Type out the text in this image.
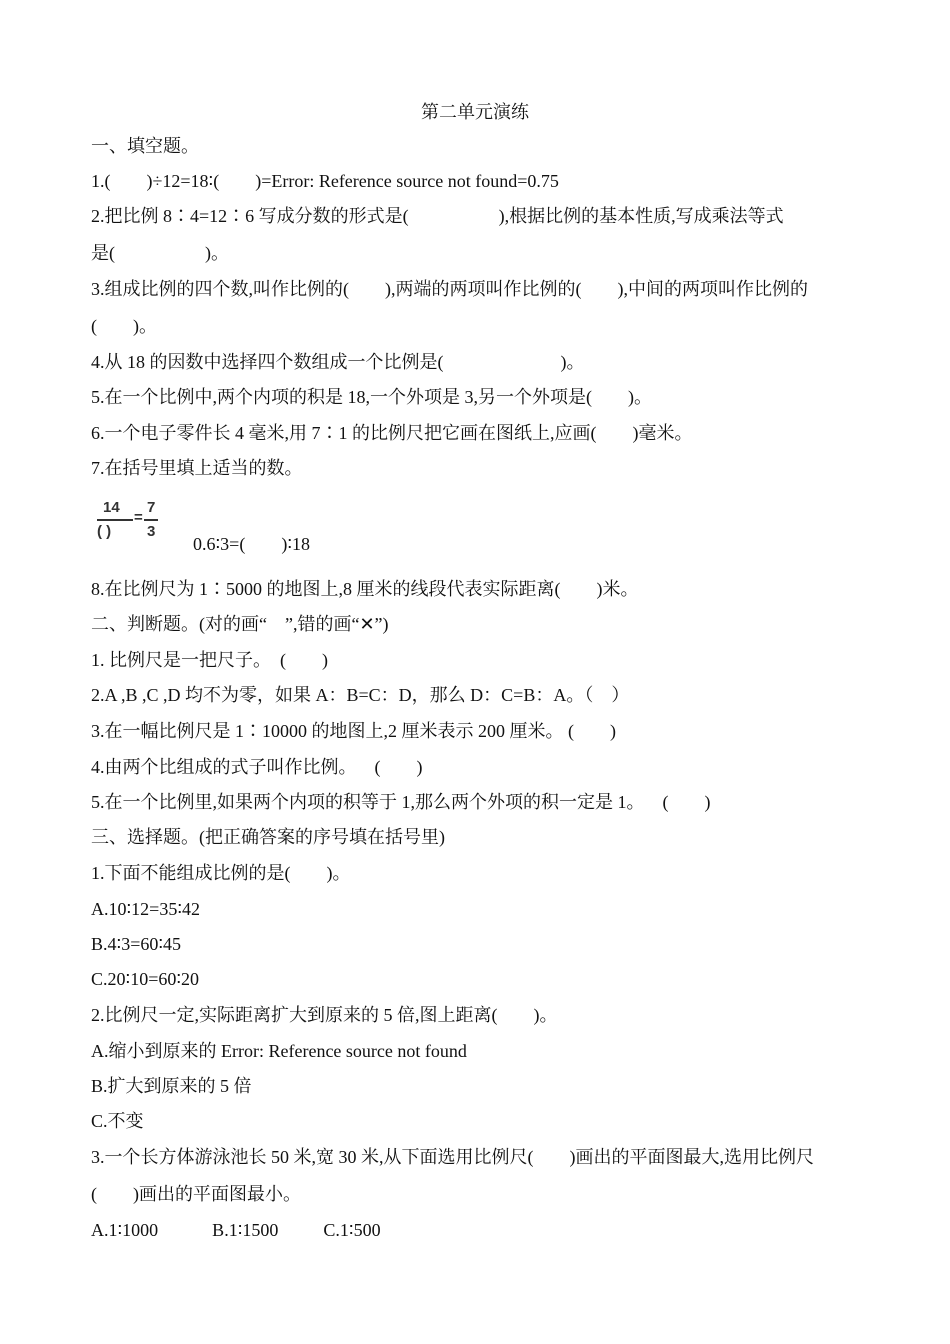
第二单元演练
一、填空题。
1.(        )÷12=18∶(        )=Error: Reference source not found=0.75
2.把比例 8∶4=12∶6 写成分数的形式是(                    ),根据比例的基本性质,写成乘法等式
是(                    )。
3.组成比例的四个数,叫作比例的(        ),两端的两项叫作比例的(        ),中间的两项叫作比例的
(        )。
4.从 18 的因数中选择四个数组成一个比例是(                          )。
5.在一个比例中,两个内项的积是 18,一个外项是 3,另一个外项是(        )。
6.一个电子零件长 4 毫米,用 7∶1 的比例尺把它画在图纸上,应画(        )毫米。
7.在括号里填上适当的数。
14
( )
=
7
3
0.6∶3=(        )∶18
8.在比例尺为 1∶5000 的地图上,8 厘米的线段代表实际距离(        )米。
二、判断题。(对的画“    ”,错的画“✕”)
1. 比例尺是一把尺子。  (        )
2.A ,B ,C ,D 均不为零，如果 A：B=C：D，那么 D：C=B：A。（    ）
3.在一幅比例尺是 1∶10000 的地图上,2 厘米表示 200 厘米。 (        )
4.由两个比组成的式子叫作比例。    (        )
5.在一个比例里,如果两个内项的积等于 1,那么两个外项的积一定是 1。    (        )
三、选择题。(把正确答案的序号填在括号里)
1.下面不能组成比例的是(        )。
A.10∶12=35∶42
B.4∶3=60∶45
C.20∶10=60∶20
2.比例尺一定,实际距离扩大到原来的 5 倍,图上距离(        )。
A.缩小到原来的 Error: Reference source not found
B.扩大到原来的 5 倍
C.不变
3.一个长方体游泳池长 50 米,宽 30 米,从下面选用比例尺(        )画出的平面图最大,选用比例尺
(        )画出的平面图最小。
A.1∶1000            B.1∶1500          C.1∶500
